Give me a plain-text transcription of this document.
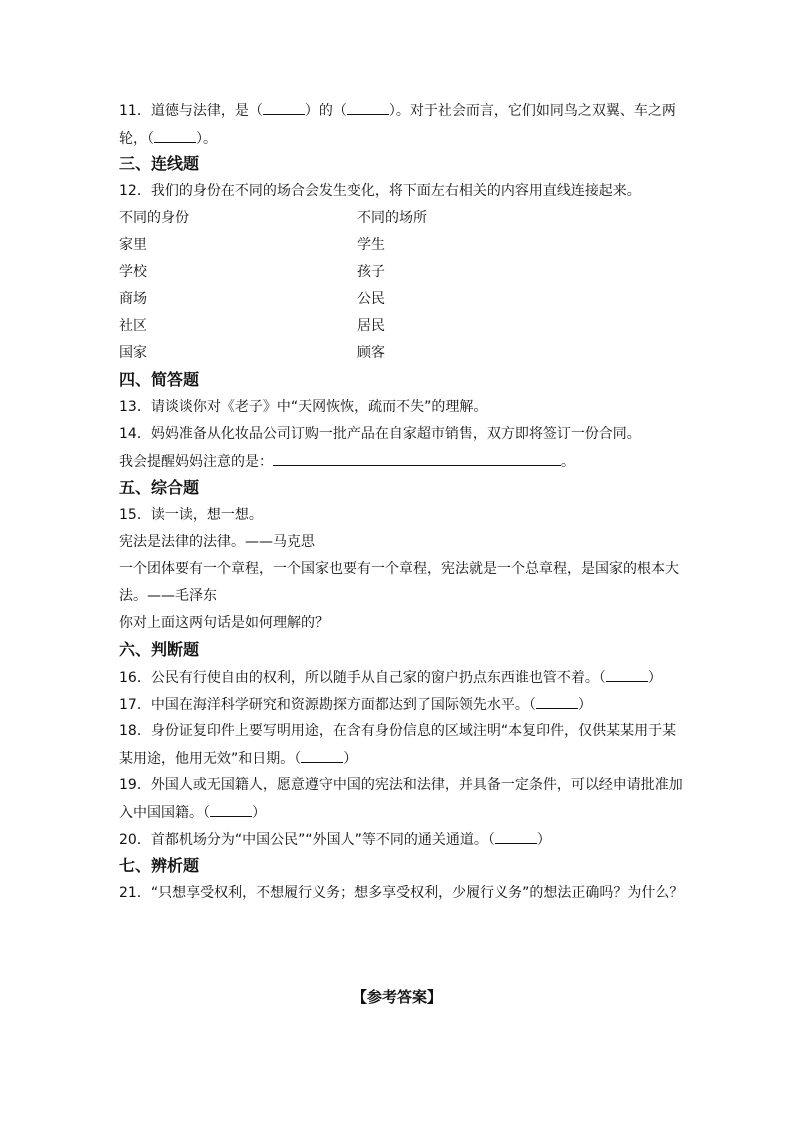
11．道德与法律，是（	）的（	）。对于社会而言，它们如同鸟之双翼、车之两
轮，（	）。
三、连线题
12．我们的身份在不同的场合会发生变化，将下面左右相关的内容用直线连接起来。
不同的身份	不同的场所
家里	学生
学校	孩子
商场	公民
社区	居民
国家	顾客
四、简答题
13．请谈谈你对《老子》中“天网恢恢，疏而不失”的理解。
14．妈妈准备从化妆品公司订购一批产品在自家超市销售，双方即将签订一份合同。
我会提醒妈妈注意的是：	。
五、综合题
15．读一读，想一想。
宪法是法律的法律。——马克思
一个团体要有一个章程，一个国家也要有一个章程，宪法就是一个总章程，是国家的根本大
法。——毛泽东
你对上面这两句话是如何理解的？
六、判断题
16．公民有行使自由的权利，所以随手从自己家的窗户扔点东西谁也管不着。（	）
17．中国在海洋科学研究和资源勘探方面都达到了国际领先水平。（	）
18．身份证复印件上要写明用途，在含有身份信息的区域注明“本复印件，仅供某某用于某
某用途，他用无效”和日期。（	）
19．外国人或无国籍人，愿意遵守中国的宪法和法律，并具备一定条件，可以经申请批准加
入中国国籍。（	）
20．首都机场分为“中国公民”“外国人”等不同的通关通道。（	）
七、辨析题
21．“只想享受权利，不想履行义务；想多享受权利，少履行义务”的想法正确吗？为什么？
【参考答案】
